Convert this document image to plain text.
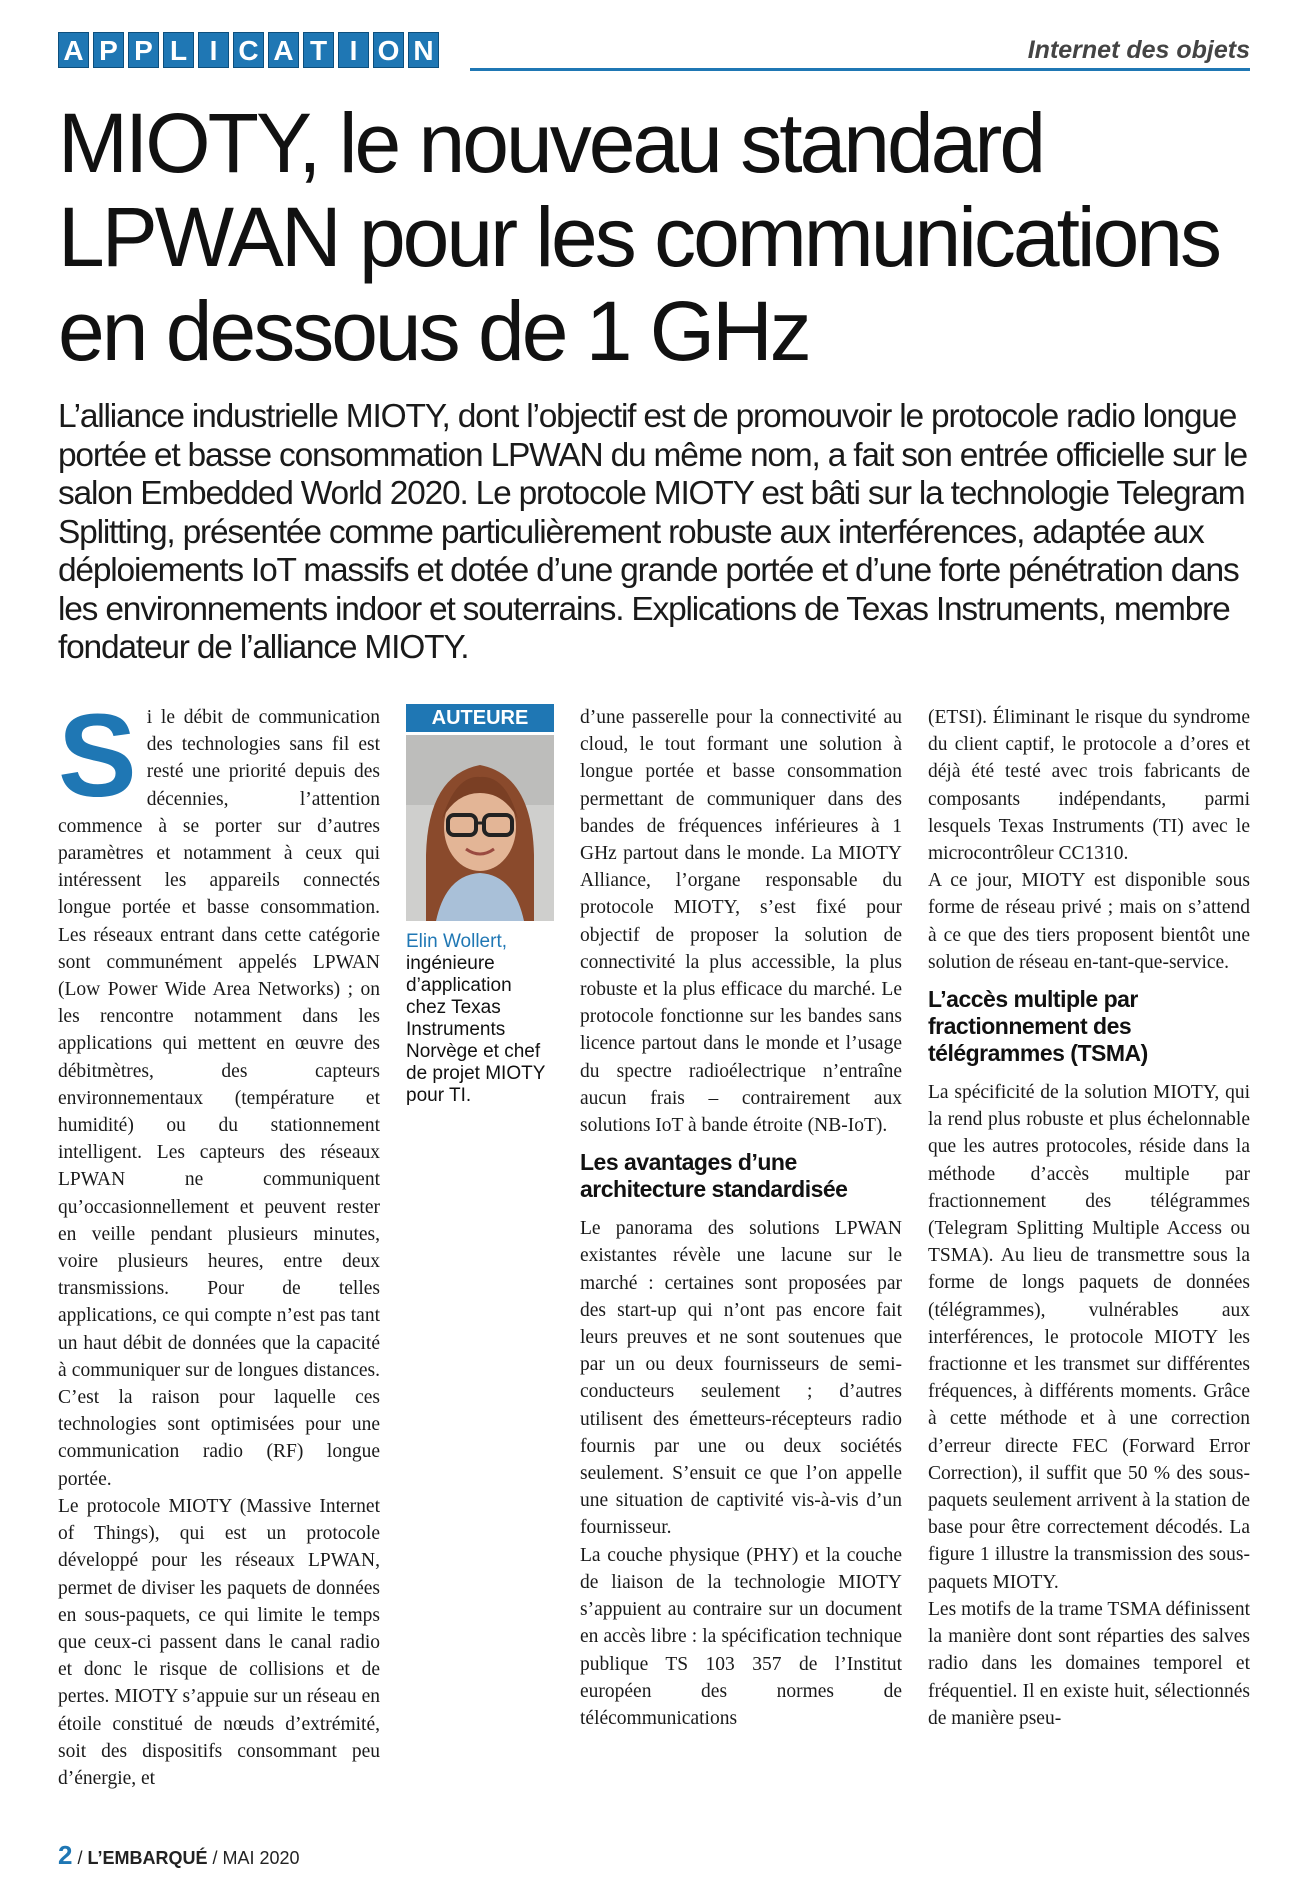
A P P L I C A T I O N	Internet des objets
MIOTY, le nouveau standard
LPWAN pour les communications
en dessous de 1 GHz

L’alliance industrielle MIOTY, dont l’objectif est de promouvoir le protocole radio longue portée et basse consommation LPWAN du même nom, a fait son entrée officielle sur le salon Embedded World 2020. Le protocole MIOTY est bâti sur la technologie Telegram Splitting, présentée comme particulièrement robuste aux interférences, adaptée aux déploiements IoT massifs et dotée d’une grande portée et d’une forte pénétration dans les environnements indoor et souterrains. Explications de Texas Instruments, membre fondateur de l’alliance MIOTY.

Si le débit de communication des technologies sans fil est resté une priorité depuis des décennies, l’attention commence à se porter sur d’autres paramètres et notamment à ceux qui intéressent les appareils connectés longue portée et basse consommation. Les réseaux entrant dans cette catégorie sont communément appelés LPWAN (Low Power Wide Area Networks) ; on les rencontre notamment dans les applications qui mettent en œuvre des débitmètres, des capteurs environnementaux (température et humidité) ou du stationnement intelligent. Les capteurs des réseaux LPWAN ne communiquent qu’occasionnellement et peuvent rester en veille pendant plusieurs minutes, voire plusieurs heures, entre deux transmissions. Pour de telles applications, ce qui compte n’est pas tant un haut débit de données que la capacité à communiquer sur de longues distances. C’est la raison pour laquelle ces technologies sont optimisées pour une communication radio (RF) longue portée.

Le protocole MIOTY (Massive Internet of Things), qui est un protocole développé pour les réseaux LPWAN, permet de diviser les paquets de données en sous-paquets, ce qui limite le temps que ceux-ci passent dans le canal radio et donc le risque de collisions et de pertes. MIOTY s’appuie sur un réseau en étoile constitué de nœuds d’extrémité, soit des dispositifs consommant peu d’énergie, et

AUTEURE
Elin Wollert,
ingénieure d’application chez Texas Instruments Norvège et chef de projet MIOTY pour TI.

d’une passerelle pour la connectivité au cloud, le tout formant une solution à longue portée et basse consommation permettant de communiquer dans des bandes de fréquences inférieures à 1 GHz partout dans le monde. La MIOTY Alliance, l’organe responsable du protocole MIOTY, s’est fixé pour objectif de proposer la solution de connectivité la plus accessible, la plus robuste et la plus efficace du marché. Le protocole fonctionne sur les bandes sans licence partout dans le monde et l’usage du spectre radioélectrique n’entraîne aucun frais – contrairement aux solutions IoT à bande étroite (NB-IoT).

Les avantages d’une architecture standardisée

Le panorama des solutions LPWAN existantes révèle une lacune sur le marché : certaines sont proposées par des start-up qui n’ont pas encore fait leurs preuves et ne sont soutenues que par un ou deux fournisseurs de semi-conducteurs seulement ; d’autres utilisent des émetteurs-récepteurs radio fournis par une ou deux sociétés seulement. S’ensuit ce que l’on appelle une situation de captivité vis-à-vis d’un fournisseur.

La couche physique (PHY) et la couche de liaison de la technologie MIOTY s’appuient au contraire sur un document en accès libre : la spécification technique publique TS 103 357 de l’Institut européen des normes de télécommunications

(ETSI). Éliminant le risque du syndrome du client captif, le protocole a d’ores et déjà été testé avec trois fabricants de composants indépendants, parmi lesquels Texas Instruments (TI) avec le microcontrôleur CC1310.

A ce jour, MIOTY est disponible sous forme de réseau privé ; mais on s’attend à ce que des tiers proposent bientôt une solution de réseau en-tant-que-service.

L’accès multiple par fractionnement des télégrammes (TSMA)

La spécificité de la solution MIOTY, qui la rend plus robuste et plus échelonnable que les autres protocoles, réside dans la méthode d’accès multiple par fractionnement des télégrammes (Telegram Splitting Multiple Access ou TSMA). Au lieu de transmettre sous la forme de longs paquets de données (télégrammes), vulnérables aux interférences, le protocole MIOTY les fractionne et les transmet sur différentes fréquences, à différents moments. Grâce à cette méthode et à une correction d’erreur directe FEC (Forward Error Correction), il suffit que 50 % des sous-paquets seulement arrivent à la station de base pour être correctement décodés. La figure 1 illustre la transmission des sous-paquets MIOTY.

Les motifs de la trame TSMA définissent la manière dont sont réparties des salves radio dans les domaines temporel et fréquentiel. Il en existe huit, sélectionnés de manière pseu-

2 / L’EMBARQUÉ / MAI 2020
